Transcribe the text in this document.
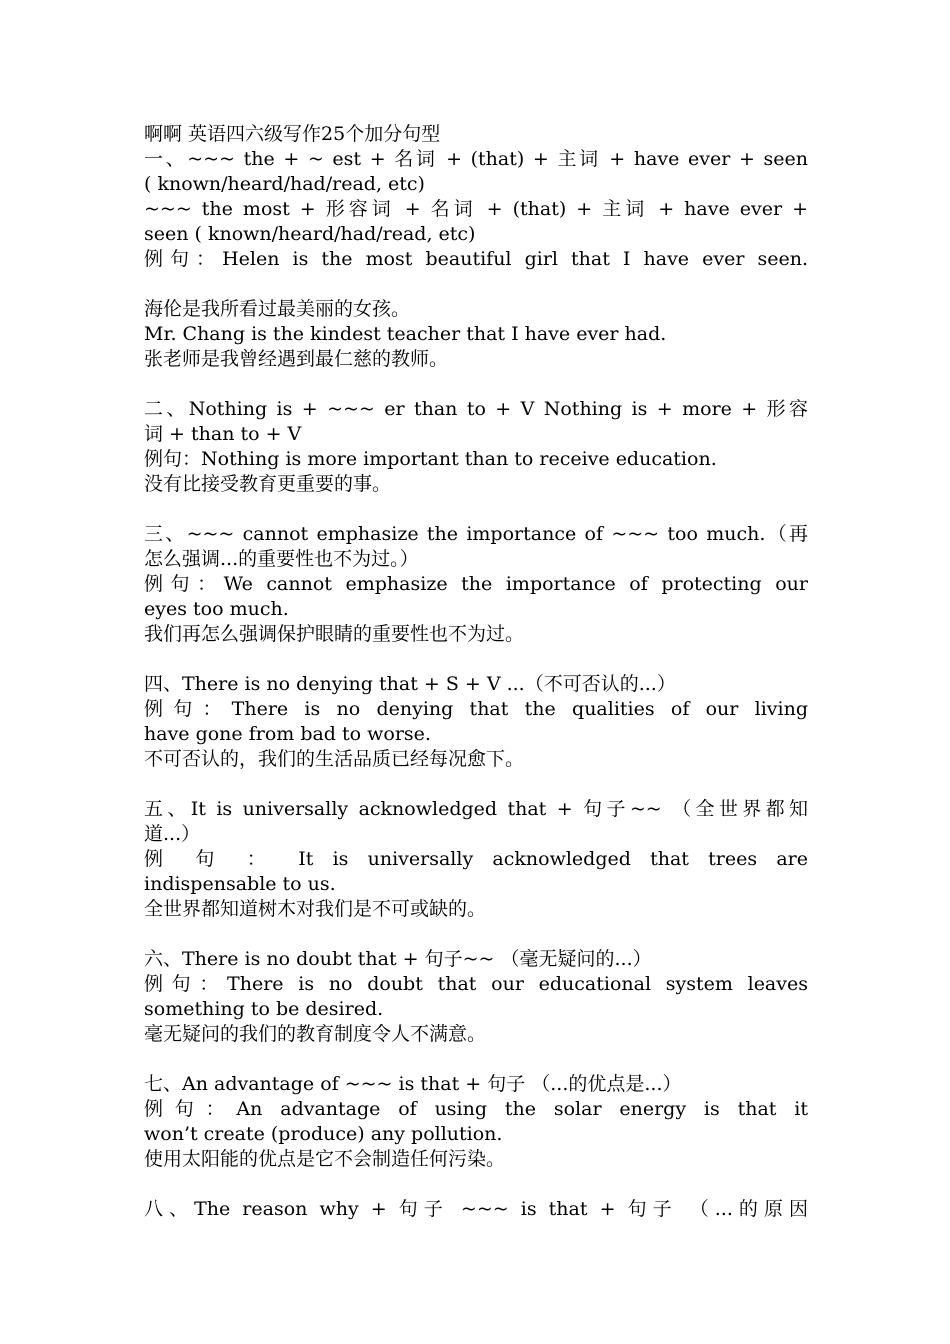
啊啊 英语四六级写作25个加分句型
一、~~~ the + ~ est + 名词 + (that) + 主词 + have ever + seen
( known/heard/had/read, etc)
~~~ the most + 形容词 + 名词 + (that) + 主词 + have ever +
seen ( known/heard/had/read, etc)
例句：Helen is the most beautiful girl that I have ever seen.
海伦是我所看过最美丽的女孩。
Mr. Chang is the kindest teacher that I have ever had.
张老师是我曾经遇到最仁慈的教师。
二、Nothing is + ~~~ er than to + V Nothing is + more + 形容
词 + than to + V
例句：Nothing is more important than to receive education.
没有比接受教育更重要的事。
三、~~~ cannot emphasize the importance of ~~~ too much.（再
怎么强调...的重要性也不为过。）
例句：We cannot emphasize the importance of protecting our
eyes too much.
我们再怎么强调保护眼睛的重要性也不为过。
四、There is no denying that + S + V ...（不可否认的...）
例句：There is no denying that the qualities of our living
have gone from bad to worse.
不可否认的，我们的生活品质已经每况愈下。
五、It is universally acknowledged that + 句子~~ （全世界都知
道...）
例 句 ： It is universally acknowledged that trees are
indispensable to us.
全世界都知道树木对我们是不可或缺的。
六、There is no doubt that + 句子~~ （毫无疑问的...）
例句：There is no doubt that our educational system leaves
something to be desired.
毫无疑问的我们的教育制度令人不满意。
七、An advantage of ~~~ is that + 句子 （...的优点是...）
例句：An advantage of using the solar energy is that it
won’t create (produce) any pollution.
使用太阳能的优点是它不会制造任何污染。
八、The reason why + 句子 ~~~ is that + 句子 （...的原因
